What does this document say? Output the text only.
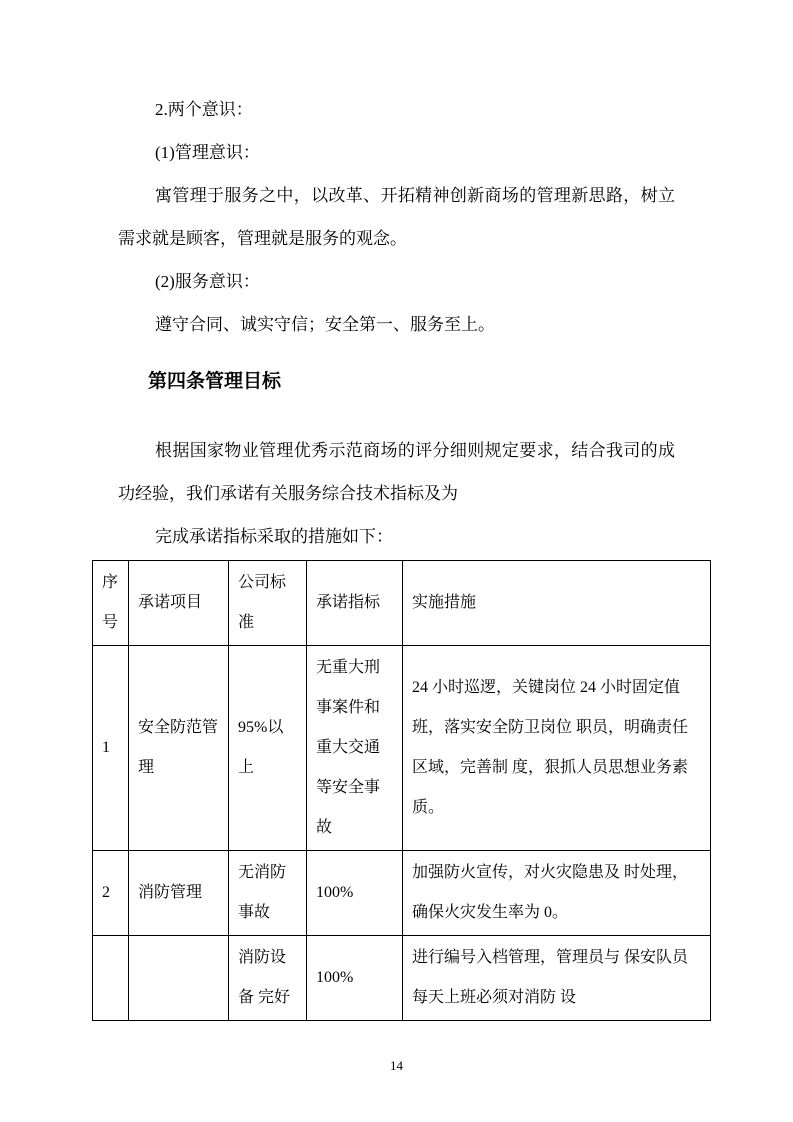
2.两个意识：

(1)管理意识：

寓管理于服务之中，以改革、开拓精神创新商场的管理新思路，树立需求就是顾客，管理就是服务的观念。

(2)服务意识：

遵守合同、诚实守信；安全第一、服务至上。

第四条管理目标

根据国家物业管理优秀示范商场的评分细则规定要求，结合我司的成功经验，我们承诺有关服务综合技术指标及为

完成承诺指标采取的措施如下：

序号	承诺项目	公司标准	承诺指标	实施措施
1	安全防范管理	95%以上	无重大刑事案件和重大交通等安全事故	24 小时巡逻，关键岗位 24 小时固定值班，落实安全防卫岗位 职员，明确责任区域，完善制 度，狠抓人员思想业务素质。
2	消防管理	无消防事故	100%	加强防火宣传，对火灾隐患及 时处理，确保火灾发生率为 0。
		消防设备 完好	100%	进行编号入档管理，管理员与 保安队员每天上班必须对消防 设
14
